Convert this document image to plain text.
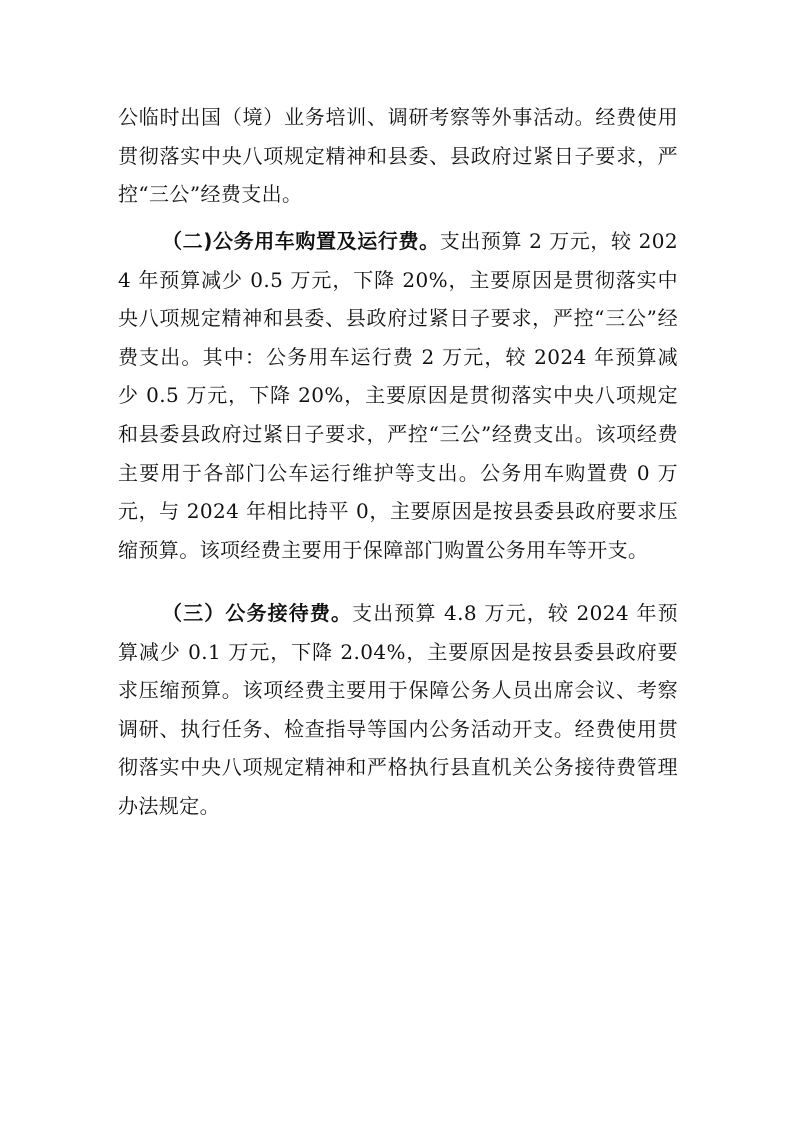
公临时出国（境）业务培训、调研考察等外事活动。经费使用贯彻落实中央八项规定精神和县委、县政府过紧日子要求，严控“三公”经费支出。

（二)公务用车购置及运行费。支出预算 2 万元，较 2024 年预算减少 0.5 万元，下降 20%，主要原因是贯彻落实中央八项规定精神和县委、县政府过紧日子要求，严控“三公”经费支出。其中：公务用车运行费 2 万元，较 2024 年预算减少 0.5 万元，下降 20%，主要原因是贯彻落实中央八项规定和县委县政府过紧日子要求，严控“三公”经费支出。该项经费主要用于各部门公车运行维护等支出。公务用车购置费 0 万元，与 2024 年相比持平 0，主要原因是按县委县政府要求压缩预算。该项经费主要用于保障部门购置公务用车等开支。

（三）公务接待费。支出预算 4.8 万元，较 2024 年预算减少 0.1 万元，下降 2.04%，主要原因是按县委县政府要求压缩预算。该项经费主要用于保障公务人员出席会议、考察调研、执行任务、检查指导等国内公务活动开支。经费使用贯彻落实中央八项规定精神和严格执行县直机关公务接待费管理办法规定。
